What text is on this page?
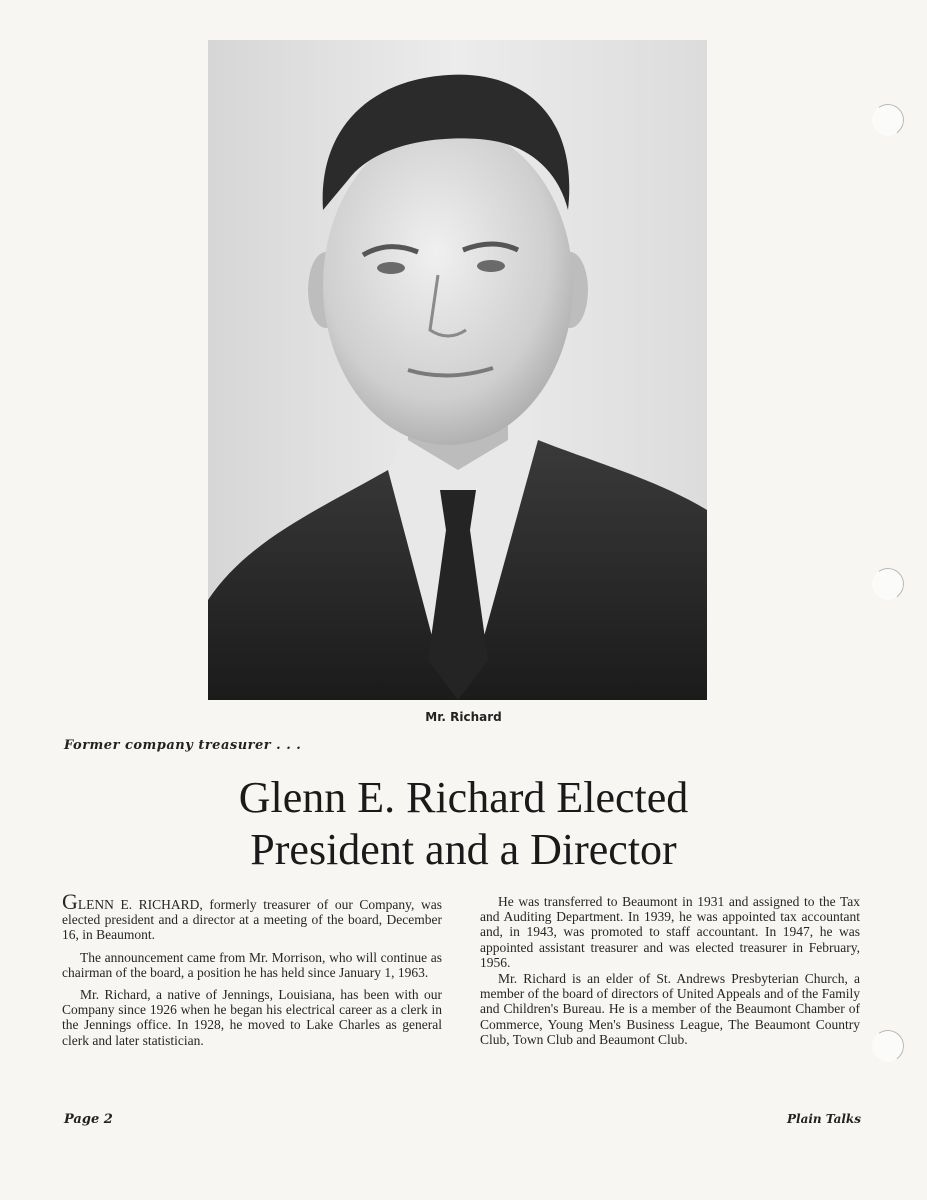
Mr. Richard
Former company treasurer . . .
Glenn E. Richard Elected
President and a Director

GLENN E. RICHARD, formerly treasurer of our Company, was elected president and a director at a meeting of the board, December 16, in Beaumont.

The announcement came from Mr. Morrison, who will continue as chairman of the board, a position he has held since January 1, 1963.

Mr. Richard, a native of Jennings, Louisiana, has been with our Company since 1926 when he began his electrical career as a clerk in the Jennings office. In 1928, he moved to Lake Charles as general clerk and later statistician.

He was transferred to Beaumont in 1931 and assigned to the Tax and Auditing Department. In 1939, he was appointed tax accountant and, in 1943, was promoted to staff accountant. In 1947, he was appointed assistant treasurer and was elected treasurer in February, 1956.

Mr. Richard is an elder of St. Andrews Presbyterian Church, a member of the board of directors of United Appeals and of the Family and Children's Bureau. He is a member of the Beaumont Chamber of Commerce, Young Men's Business League, The Beaumont Country Club, Town Club and Beaumont Club.

Page 2	Plain Talks
